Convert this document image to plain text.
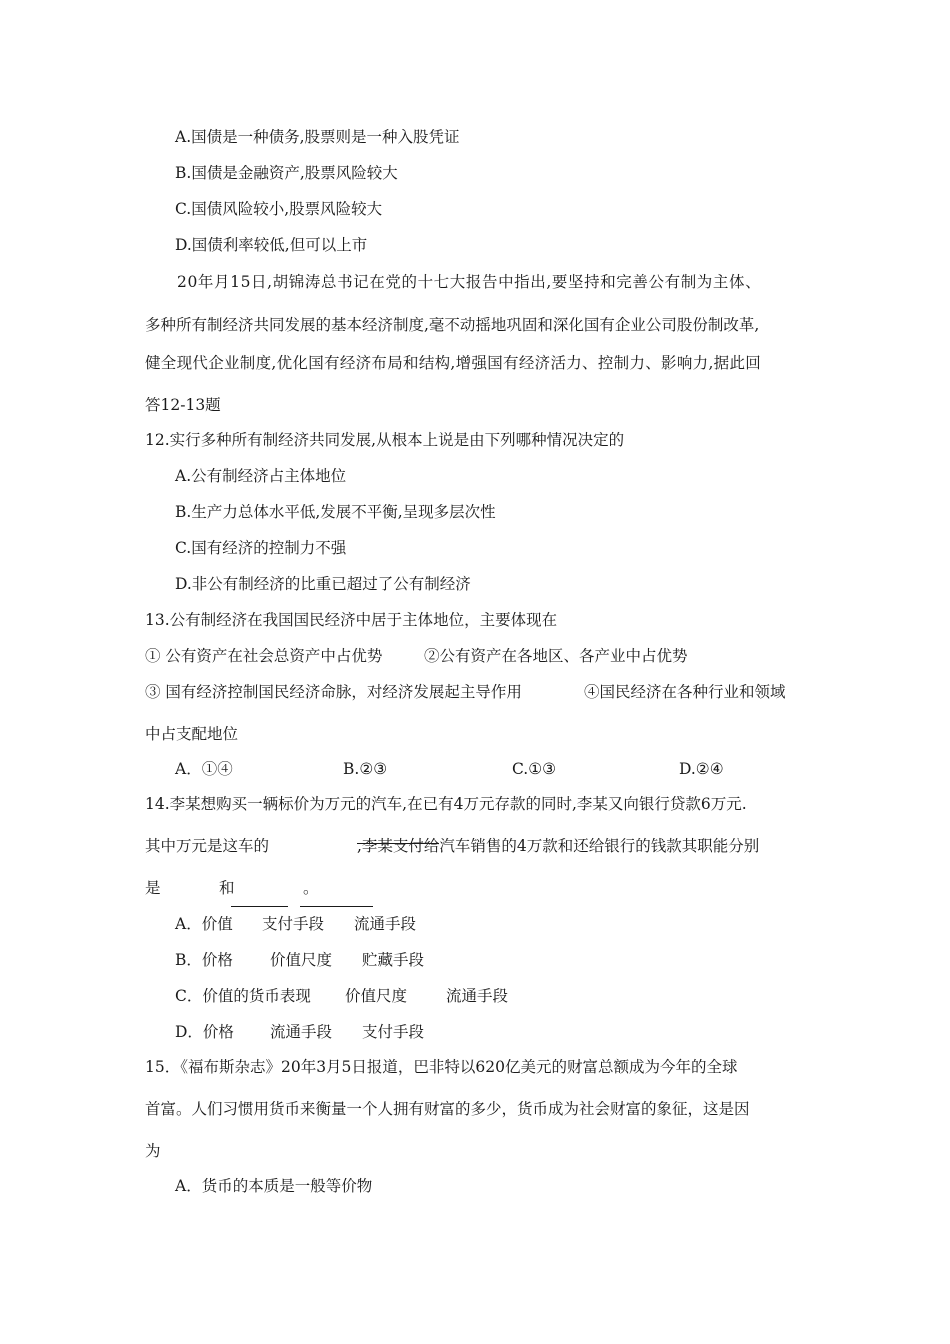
A.国债是一种债务,股票则是一种入股凭证
B.国债是金融资产,股票风险较大
C.国债风险较小,股票风险较大
D.国债利率较低,但可以上市
20年月15日,胡锦涛总书记在党的十七大报告中指出,要坚持和完善公有制为主体、
多种所有制经济共同发展的基本经济制度,毫不动摇地巩固和深化国有企业公司股份制改革,
健全现代企业制度,优化国有经济布局和结构,增强国有经济活力、控制力、影响力,据此回
答12-13题
12.实行多种所有制经济共同发展,从根本上说是由下列哪种情况决定的
A.公有制经济占主体地位
B.生产力总体水平低,发展不平衡,呈现多层次性
C.国有经济的控制力不强
D.非公有制经济的比重已超过了公有制经济
13.公有制经济在我国国民经济中居于主体地位，主要体现在
① 公有资产在社会总资产中占优势	②公有资产在各地区、各产业中占优势
③ 国有经济控制国民经济命脉，对经济发展起主导作用	④国民经济在各种行业和领域
中占支配地位
A．①④	B.②③	C.①③	D.②④
14.李某想购买一辆标价为万元的汽车,在已有4万元存款的同时,李某又向银行贷款6万元.
其中万元是这车的	,李某支付给汽车销售的4万款和还给银行的钱款其职能分别
是	和	。
A．价值 支付手段 流通手段
B．价格 价值尺度 贮藏手段
C．价值的货币表现 价值尺度	流通手段
D．价格 流通手段 支付手段
15．《福布斯杂志》20年3月5日报道，巴非特以620亿美元的财富总额成为今年的全球
首富。人们习惯用货币来衡量一个人拥有财富的多少，货币成为社会财富的象征，这是因
为
A．货币的本质是一般等价物
